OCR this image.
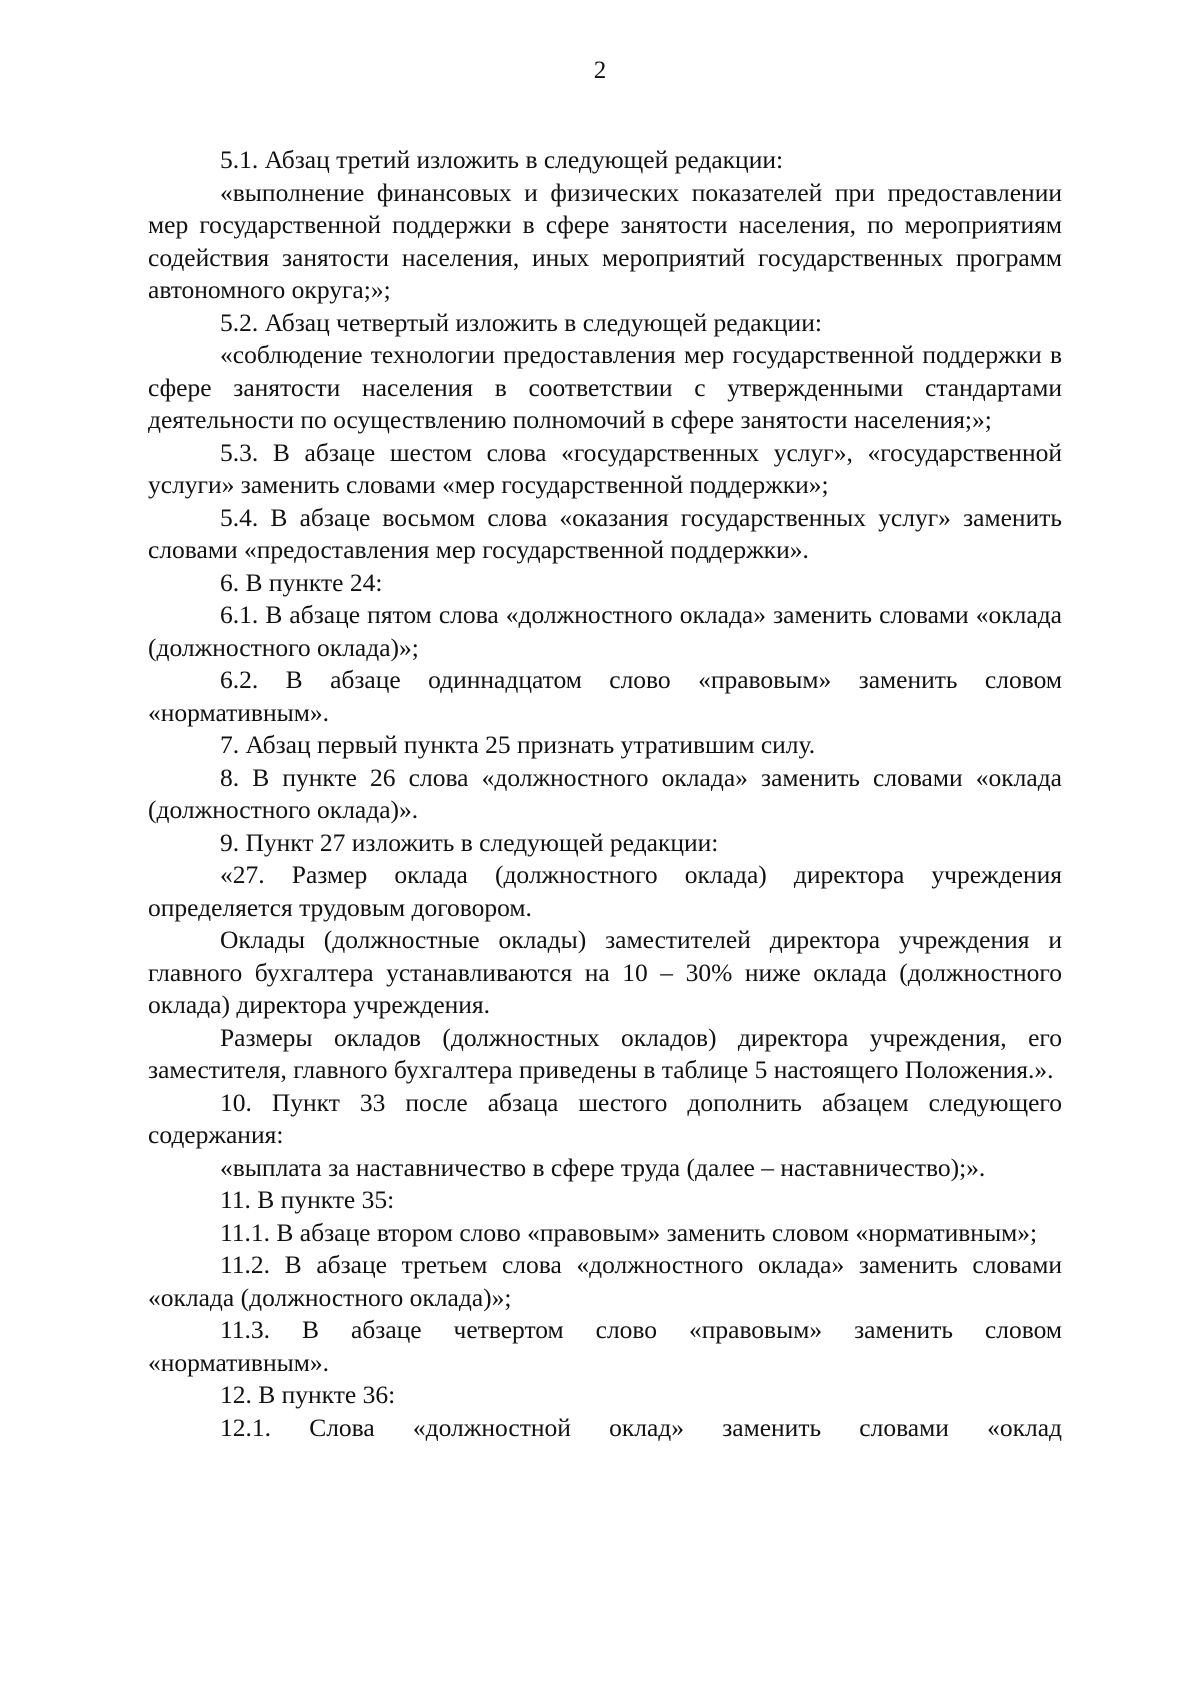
2

5.1. Абзац третий изложить в следующей редакции:

«выполнение финансовых и физических показателей при предоставлении мер государственной поддержки в сфере занятости населения, по мероприятиям содействия занятости населения, иных мероприятий государственных программ автономного округа;»;

5.2. Абзац четвертый изложить в следующей редакции:

«соблюдение технологии предоставления мер государственной поддержки в сфере занятости населения в соответствии с утвержденными стандартами деятельности по осуществлению полномочий в сфере занятости населения;»;

5.3. В абзаце шестом слова «государственных услуг», «государственной услуги» заменить словами «мер государственной поддержки»;

5.4. В абзаце восьмом слова «оказания государственных услуг» заменить словами «предоставления мер государственной поддержки».

6. В пункте 24:

6.1. В абзаце пятом слова «должностного оклада» заменить словами «оклада (должностного оклада)»;

6.2. В абзаце одиннадцатом слово «правовым» заменить словом «нормативным».

7. Абзац первый пункта 25 признать утратившим силу.

8. В пункте 26 слова «должностного оклада» заменить словами «оклада (должностного оклада)».

9. Пункт 27 изложить в следующей редакции:

«27. Размер оклада (должностного оклада) директора учреждения определяется трудовым договором.

Оклады (должностные оклады) заместителей директора учреждения и главного бухгалтера устанавливаются на 10 – 30% ниже оклада (должностного оклада) директора учреждения.

Размеры окладов (должностных окладов) директора учреждения, его заместителя, главного бухгалтера приведены в таблице 5 настоящего Положения.».

10. Пункт 33 после абзаца шестого дополнить абзацем следующего содержания:

«выплата за наставничество в сфере труда (далее – наставничество);».

11. В пункте 35:

11.1. В абзаце втором слово «правовым» заменить словом «нормативным»;

11.2. В абзаце третьем слова «должностного оклада» заменить словами «оклада (должностного оклада)»;

11.3. В абзаце четвертом слово «правовым» заменить словом «нормативным».

12. В пункте 36:

12.1. Слова «должностной оклад» заменить словами «оклад
